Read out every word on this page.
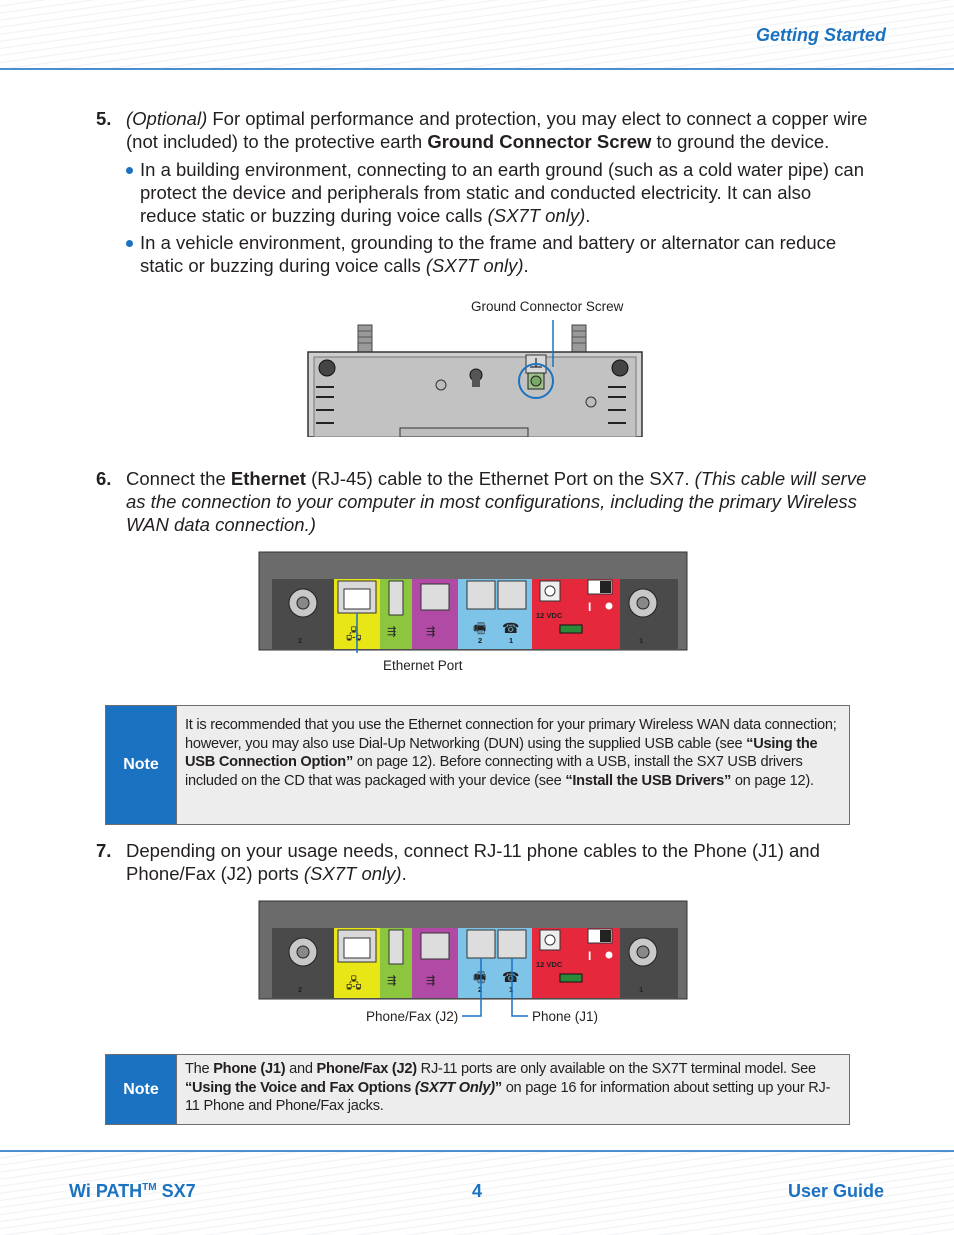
Getting Started
5. (Optional) For optimal performance and protection, you may elect to connect a copper wire (not included) to the protective earth Ground Connector Screw to ground the device.
In a building environment, connecting to an earth ground (such as a cold water pipe) can protect the device and peripherals from static and conducted electricity. It can also reduce static or buzzing during voice calls (SX7T only).
In a vehicle environment, grounding to the frame and battery or alternator can reduce static or buzzing during voice calls (SX7T only).
Ground Connector Screw
6. Connect the Ethernet (RJ-45) cable to the Ethernet Port on the SX7. (This cable will serve as the connection to your computer in most configurations, including the primary Wireless WAN data connection.)
12 VDC
2	1
2	1
I
🖷 ☎
🖧 ⇶	⇶
Ethernet Port
Note
It is recommended that you use the Ethernet connection for your primary Wireless WAN data connection; however, you may also use Dial-Up Networking (DUN) using the supplied USB cable (see “Using the USB Connection Option” on page 12). Before connecting with a USB, install the SX7 USB drivers included on the CD that was packaged with your device (see “Install the USB Drivers” on page 12).
7. Depending on your usage needs, connect RJ-11 phone cables to the Phone (J1) and Phone/Fax (J2) ports (SX7T only).
12 VDC
2	1
2	1
I
🖷 ☎
🖧 ⇶	⇶
Phone/Fax (J2)	Phone (J1)
Note
The Phone (J1) and Phone/Fax (J2) RJ-11 ports are only available on the SX7T terminal model. See “Using the Voice and Fax Options (SX7T Only)” on page 16 for information about setting up your RJ-11 Phone and Phone/Fax jacks.
Wi PATH™ SX7	4	User Guide
